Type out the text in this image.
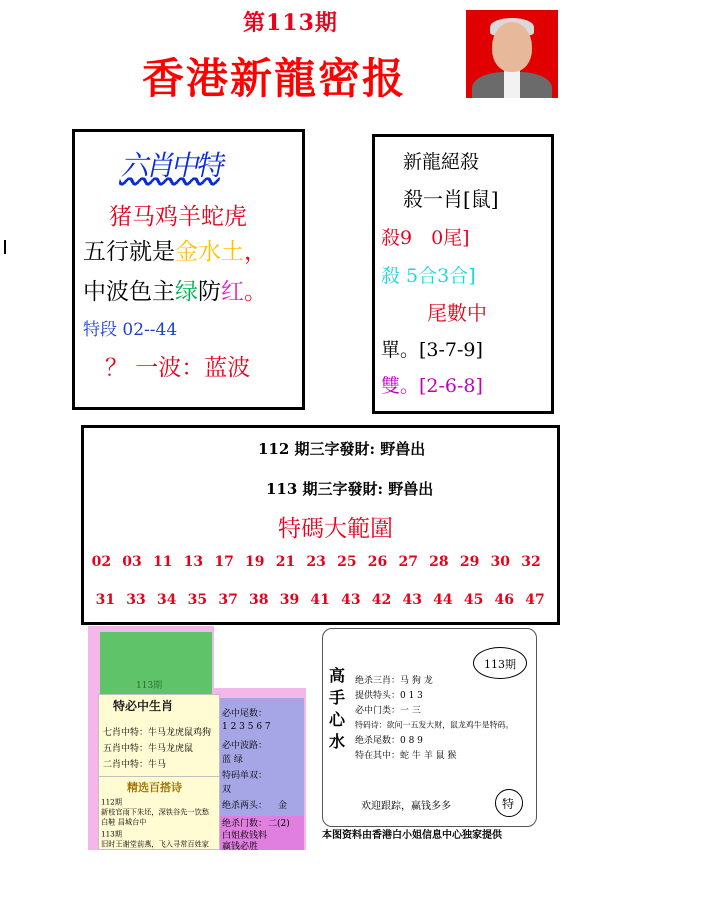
第113期
香港新龍密报
六肖中特
猪马鸡羊蛇虎
五行就是金水土，
中波色主绿防红。
特段 02--44
？ 一波：蓝波
新龍絕殺
殺一肖[鼠]
殺9　0尾]
殺 5合3合]
尾數中
單。[3-7-9]
雙。[2-6-8]
112 期三字發財: 野兽出
113 期三字發財: 野兽出
特碼大範圍
02 03 11 13 17 19 21 23 25 26 27 28 29 30 32
31 33 34 35 37 38 39 41 43 42 43 44 45 46 47
113期
特必中生肖
七肖中特：牛马龙虎鼠鸡狗
五肖中特：牛马龙虎鼠
二肖中特：牛马
精选百搭诗
112期
新枝官雨下朱坯，深铁谷先一饮愁
白鞋 昌城台中
113期
旧时王谢堂前燕，飞入寻常百姓家
必中尾数：
1 2 3 5 6 7
必中波路：
蓝 绿
特码单双：
双
绝杀两头： 金
绝杀门数： 二(2)
白姐救钱料
赢钱必胜
高手心水
113期
绝杀三肖：马 狗 龙
提供特头：0 1 3
必中门类：一 三
特码诗：欲问一五发大财，鼠龙鸡牛是特码。
绝杀尾数：0 8 9
特在其中：蛇 牛 羊 鼠 猴
欢迎跟踪，赢钱多多	特
本图资料由香港白小姐信息中心独家提供
